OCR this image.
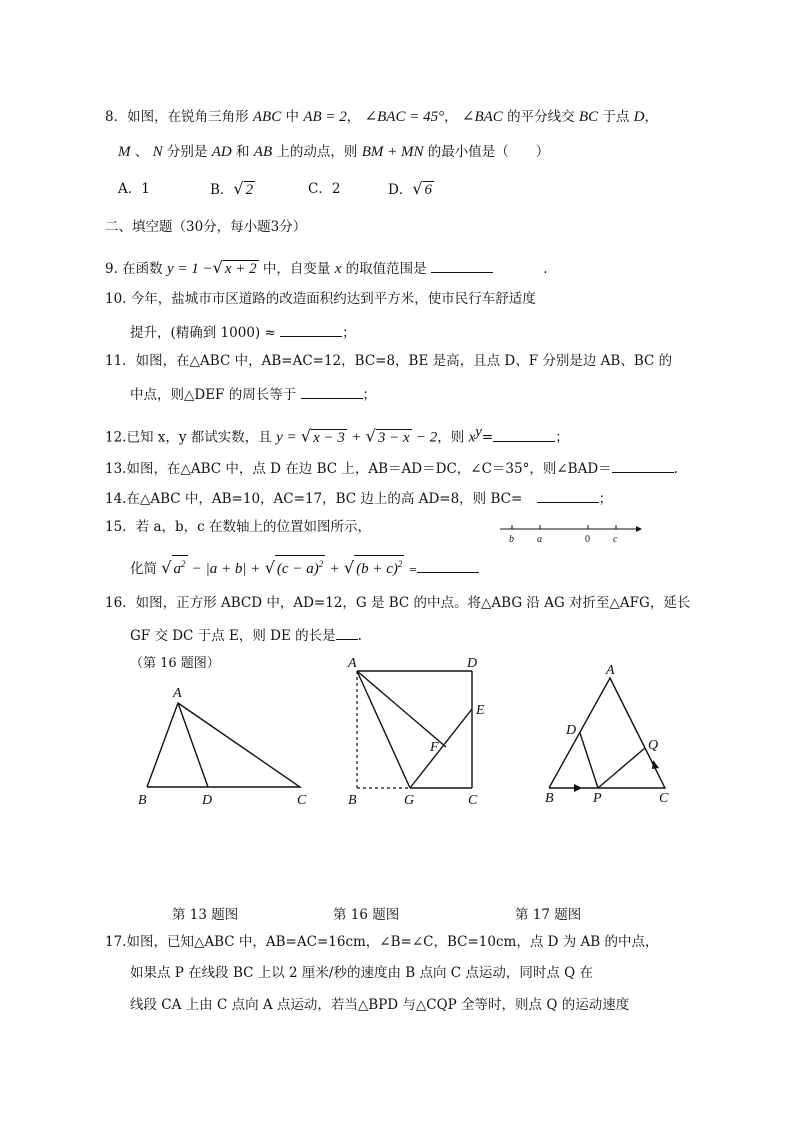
8．如图，在锐角三角形 ABC 中 AB = 2， ∠BAC = 45°， ∠BAC 的平分线交 BC 于点 D，
M 、 N 分别是 AD 和 AB 上的动点，则 BM + MN 的最小值是（　　）
A．1	B．√ 2	C．2	D．√ 6
二、填空题（30分，每小题3分）
9. 在函数 y = 1 −√ x + 2 中，自变量 x 的取值范围是	.
10. 今年，盐城市市区道路的改造面积约达到平方米，使市民行车舒适度
提升，(精确到 1000) ≈	；
11．如图，在△ABC 中，AB=AC=12，BC=8，BE 是高，且点 D、F 分别是边 AB、BC 的
中点，则△DEF 的周长等于	；
12.已知 x，y 都试实数，且 y = √ x − 3 + √ 3 − x − 2，则 $x^y=$	；
13.如图，在△ABC 中，点 D 在边 BC 上，AB＝AD＝DC，∠C＝35°，则∠BAD＝	.
14.在△ABC 中，AB=10，AC=17，BC 边上的高 AD=8，则 BC=	；
15．若 a，b，c 在数轴上的位置如图所示，
b a	0 c
化简 √ $a^2 - |a + b|$ + √ $(c - a)^2$ + √ $(b + c)^2$ =
16．如图，正方形 ABCD 中，AD=12，G 是 BC 的中点。将△ABG 沿 AG 对折至△AFG，延长
GF 交 DC 于点 E，则 DE 的长是 .
（第 16 题图）
A
B	D	C
A	D
E
F
B	G	C
A
D
Q
B	P	C
第 13 题图	第 16 题图	第 17 题图
17.如图，已知△ABC 中，AB=AC=16cm，∠B=∠C，BC=10cm，点 D 为 AB 的中点，
如果点 P 在线段 BC 上以 2 厘米/秒的速度由 B 点向 C 点运动，同时点 Q 在
线段 CA 上由 C 点向 A 点运动，若当△BPD 与△CQP 全等时，则点 Q 的运动速度
